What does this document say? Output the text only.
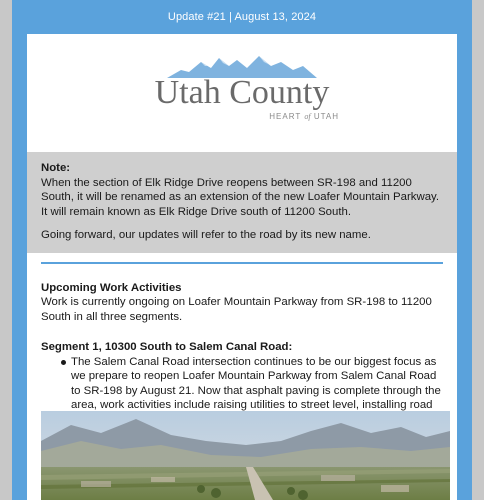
Update #21 | August 13, 2024
Utah County
HEART of UTAH
Note:

When the section of Elk Ridge Drive reopens between SR-198 and 11200 South, it will be renamed as an extension of the new Loafer Mountain Parkway. It will remain known as Elk Ridge Drive south of 11200 South.

Going forward, our updates will refer to the road by its new name.

Upcoming Work Activities
Work is currently ongoing on Loafer Mountain Parkway from SR-198 to 11200 South in all three segments.
Segment 1, 10300 South to Salem Canal Road:
The Salem Canal Road intersection continues to be our biggest focus as we prepare to reopen Loafer Mountain Parkway from Salem Canal Road to SR-198 by August 21. Now that asphalt paving is complete through the area, work activities include raising utilities to street level, installing road
